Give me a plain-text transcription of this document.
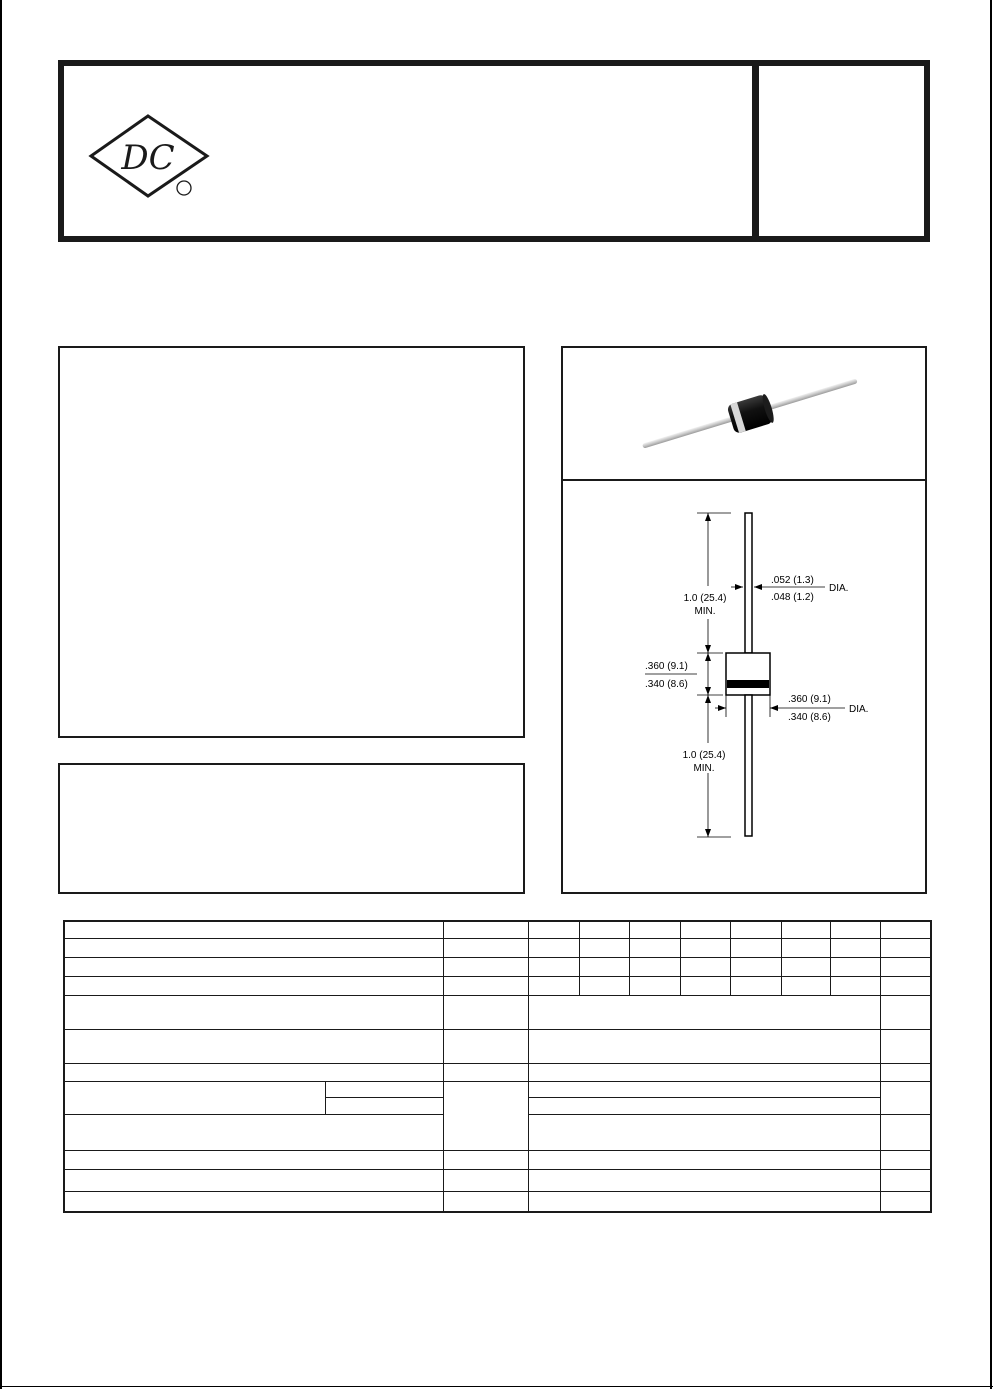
DC
1.0 (25.4)
MIN.
.052 (1.3)
.048 (1.2)
DIA.
.360 (9.1)
.340 (8.6)
.360 (9.1)
.340 (8.6)
DIA.
1.0 (25.4)
MIN.
